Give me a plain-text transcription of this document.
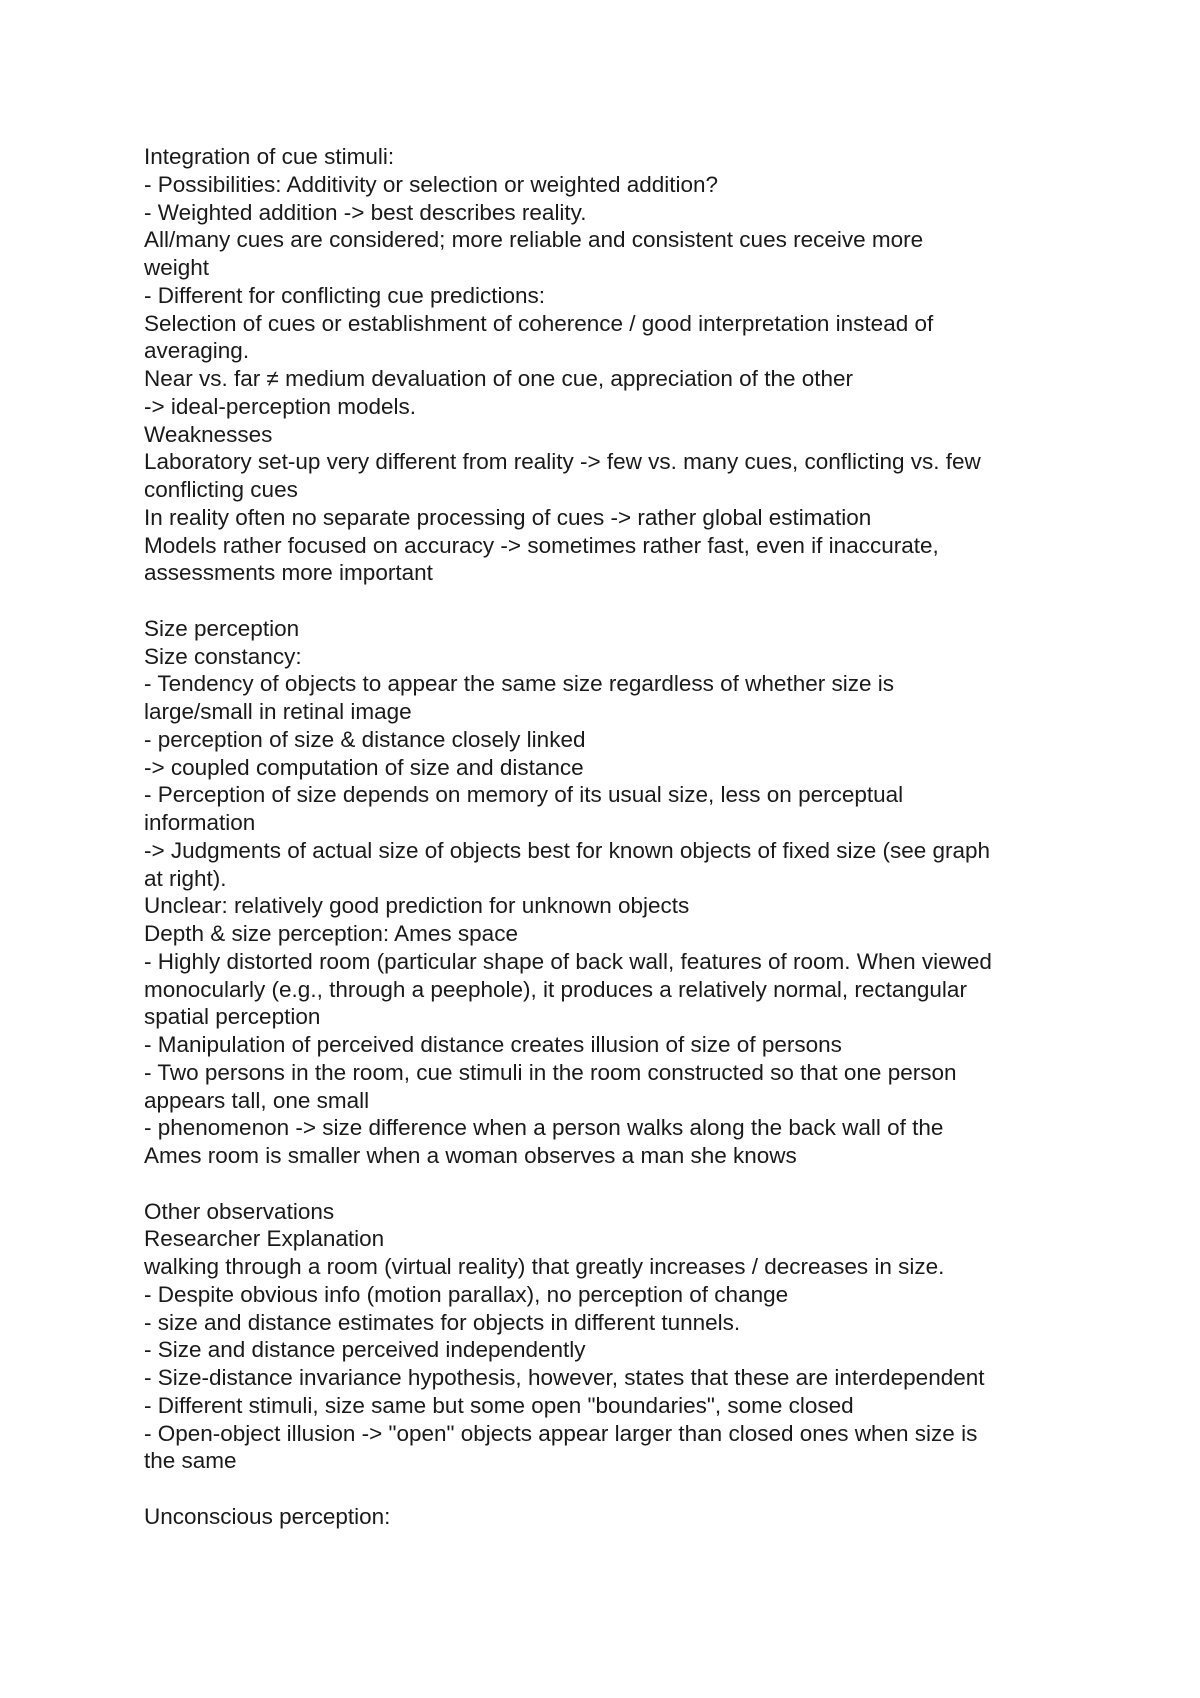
Integration of cue stimuli:
- Possibilities: Additivity or selection or weighted addition?
- Weighted addition -> best describes reality.
All/many cues are considered; more reliable and consistent cues receive more
weight
- Different for conflicting cue predictions:
Selection of cues or establishment of coherence / good interpretation instead of
averaging.
Near vs. far ≠ medium devaluation of one cue, appreciation of the other
-> ideal-perception models.
Weaknesses
Laboratory set-up very different from reality -> few vs. many cues, conflicting vs. few
conflicting cues
In reality often no separate processing of cues -> rather global estimation
Models rather focused on accuracy -> sometimes rather fast, even if inaccurate,
assessments more important
Size perception
Size constancy:
- Tendency of objects to appear the same size regardless of whether size is
large/small in retinal image
- perception of size & distance closely linked
-> coupled computation of size and distance
- Perception of size depends on memory of its usual size, less on perceptual
information
-> Judgments of actual size of objects best for known objects of fixed size (see graph
at right).
Unclear: relatively good prediction for unknown objects
Depth & size perception: Ames space
- Highly distorted room (particular shape of back wall, features of room. When viewed
monocularly (e.g., through a peephole), it produces a relatively normal, rectangular
spatial perception
- Manipulation of perceived distance creates illusion of size of persons
- Two persons in the room, cue stimuli in the room constructed so that one person
appears tall, one small
- phenomenon -> size difference when a person walks along the back wall of the
Ames room is smaller when a woman observes a man she knows
Other observations
Researcher Explanation
walking through a room (virtual reality) that greatly increases / decreases in size.
- Despite obvious info (motion parallax), no perception of change
- size and distance estimates for objects in different tunnels.
- Size and distance perceived independently
- Size-distance invariance hypothesis, however, states that these are interdependent
- Different stimuli, size same but some open "boundaries", some closed
- Open-object illusion -> "open" objects appear larger than closed ones when size is
the same
Unconscious perception:
